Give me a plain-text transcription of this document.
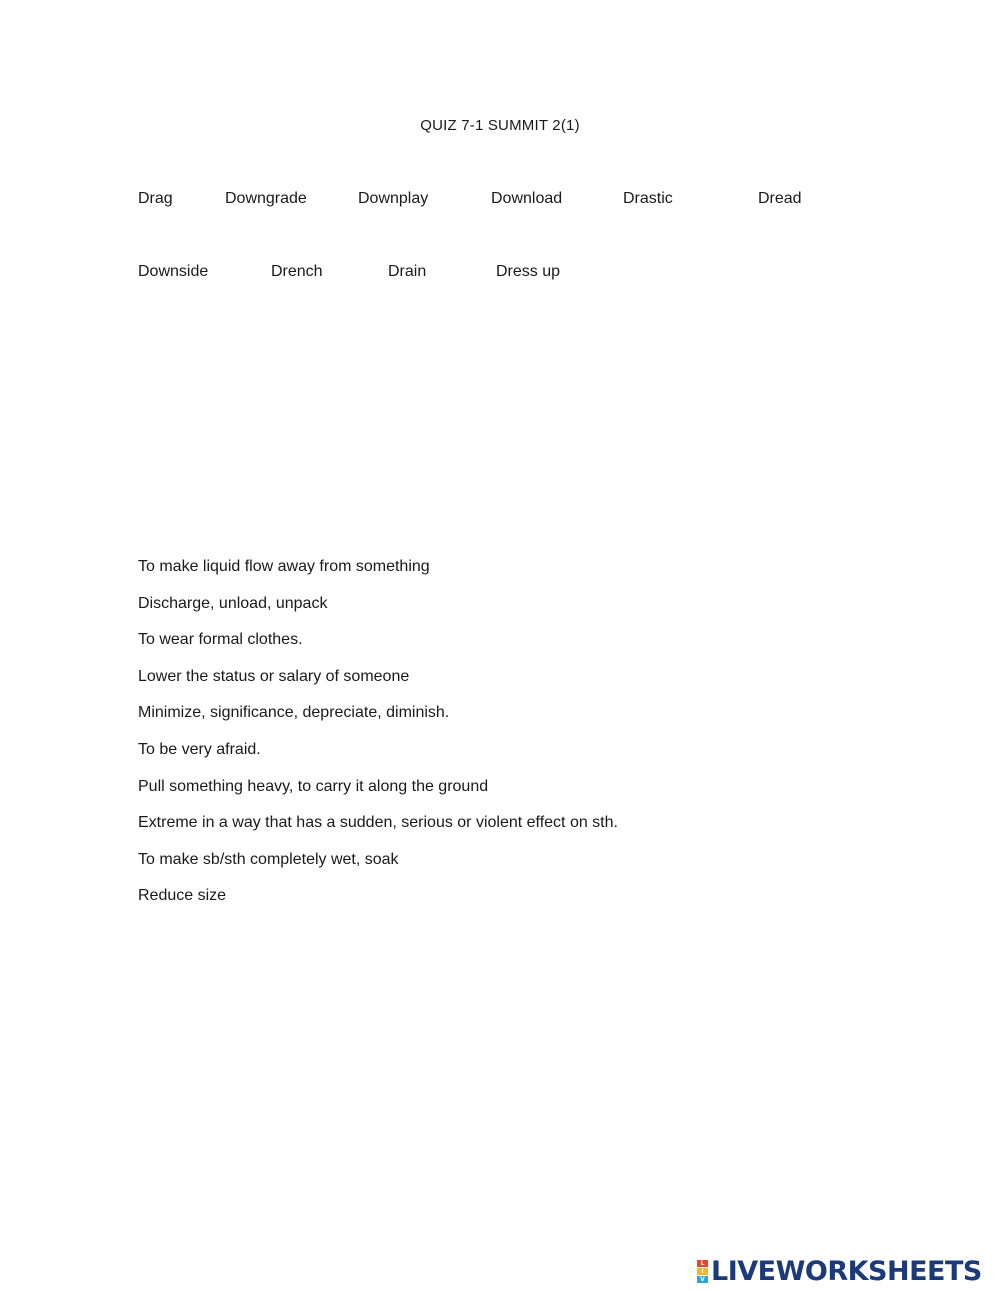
QUIZ 7-1 SUMMIT 2(1)
Drag	Downgrade	Downplay	Download	Drastic	Dread
Downside	Drench	Drain	Dress up
To make liquid flow away from something
Discharge, unload, unpack
To wear formal clothes.
Lower the status or salary of someone
Minimize, significance, depreciate, diminish.
To be very afraid.
Pull something heavy, to carry it along the ground
Extreme in a way that has a sudden, serious or violent effect on sth.
To make sb/sth completely wet, soak
Reduce size
L
I
V LIVEWORKSHEETS
